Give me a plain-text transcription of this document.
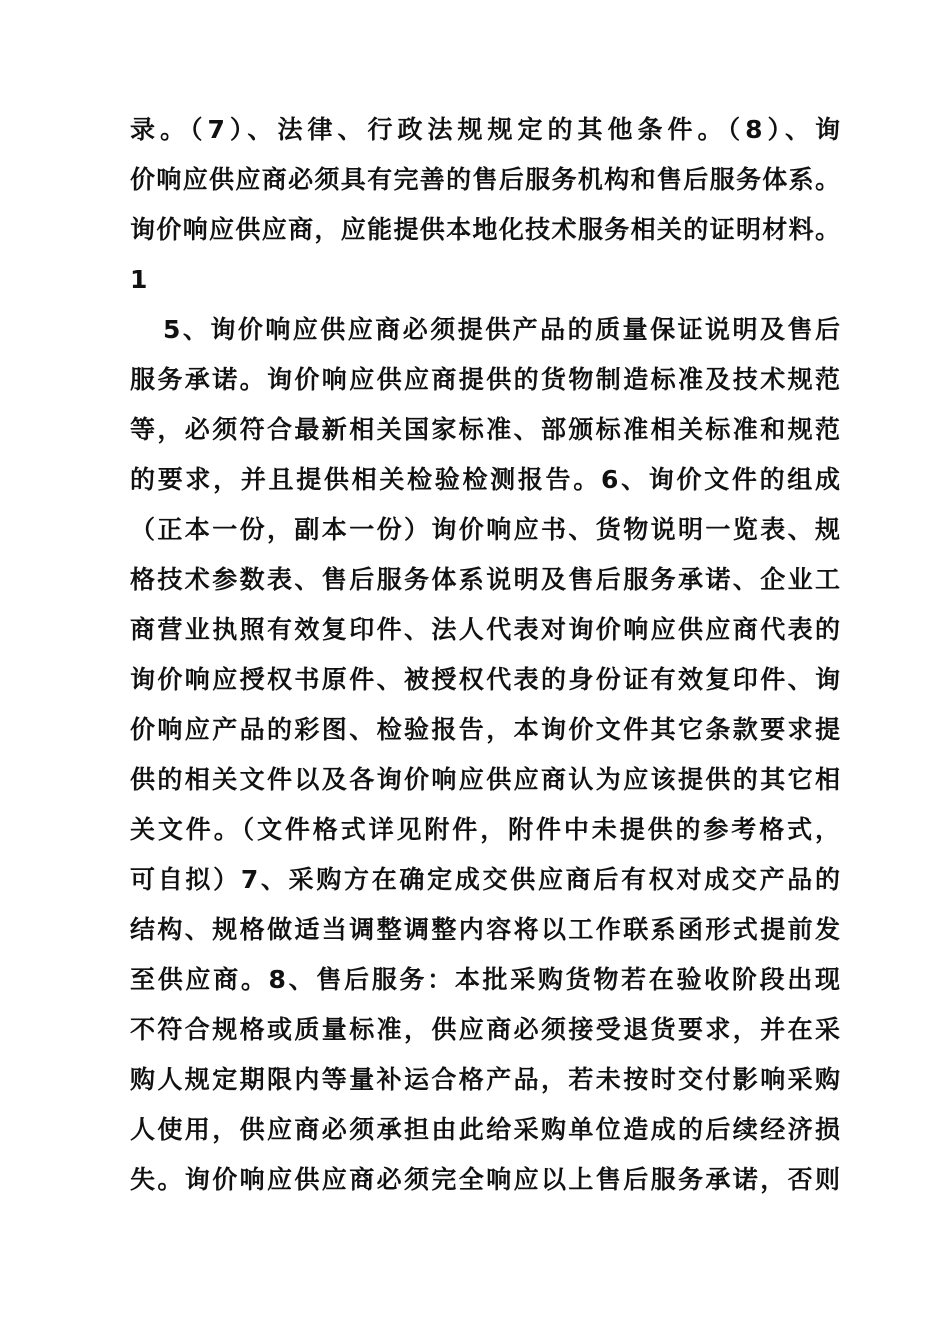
录。（7）、法律、行政法规规定的其他条件。（8）、询
价响应供应商必须具有完善的售后服务机构和售后服务体系。
询价响应供应商，应能提供本地化技术服务相关的证明材料。
1
5、询价响应供应商必须提供产品的质量保证说明及售后
服务承诺。询价响应供应商提供的货物制造标准及技术规范
等，必须符合最新相关国家标准、部颁标准相关标准和规范
的要求，并且提供相关检验检测报告。6、询价文件的组成
（正本一份，副本一份）询价响应书、货物说明一览表、规
格技术参数表、售后服务体系说明及售后服务承诺、企业工
商营业执照有效复印件、法人代表对询价响应供应商代表的
询价响应授权书原件、被授权代表的身份证有效复印件、询
价响应产品的彩图、检验报告，本询价文件其它条款要求提
供的相关文件以及各询价响应供应商认为应该提供的其它相
关文件。（文件格式详见附件，附件中未提供的参考格式，
可自拟）7、采购方在确定成交供应商后有权对成交产品的
结构、规格做适当调整调整内容将以工作联系函形式提前发
至供应商。8、售后服务：本批采购货物若在验收阶段出现
不符合规格或质量标准，供应商必须接受退货要求，并在采
购人规定期限内等量补运合格产品，若未按时交付影响采购
人使用，供应商必须承担由此给采购单位造成的后续经济损
失。询价响应供应商必须完全响应以上售后服务承诺，否则
